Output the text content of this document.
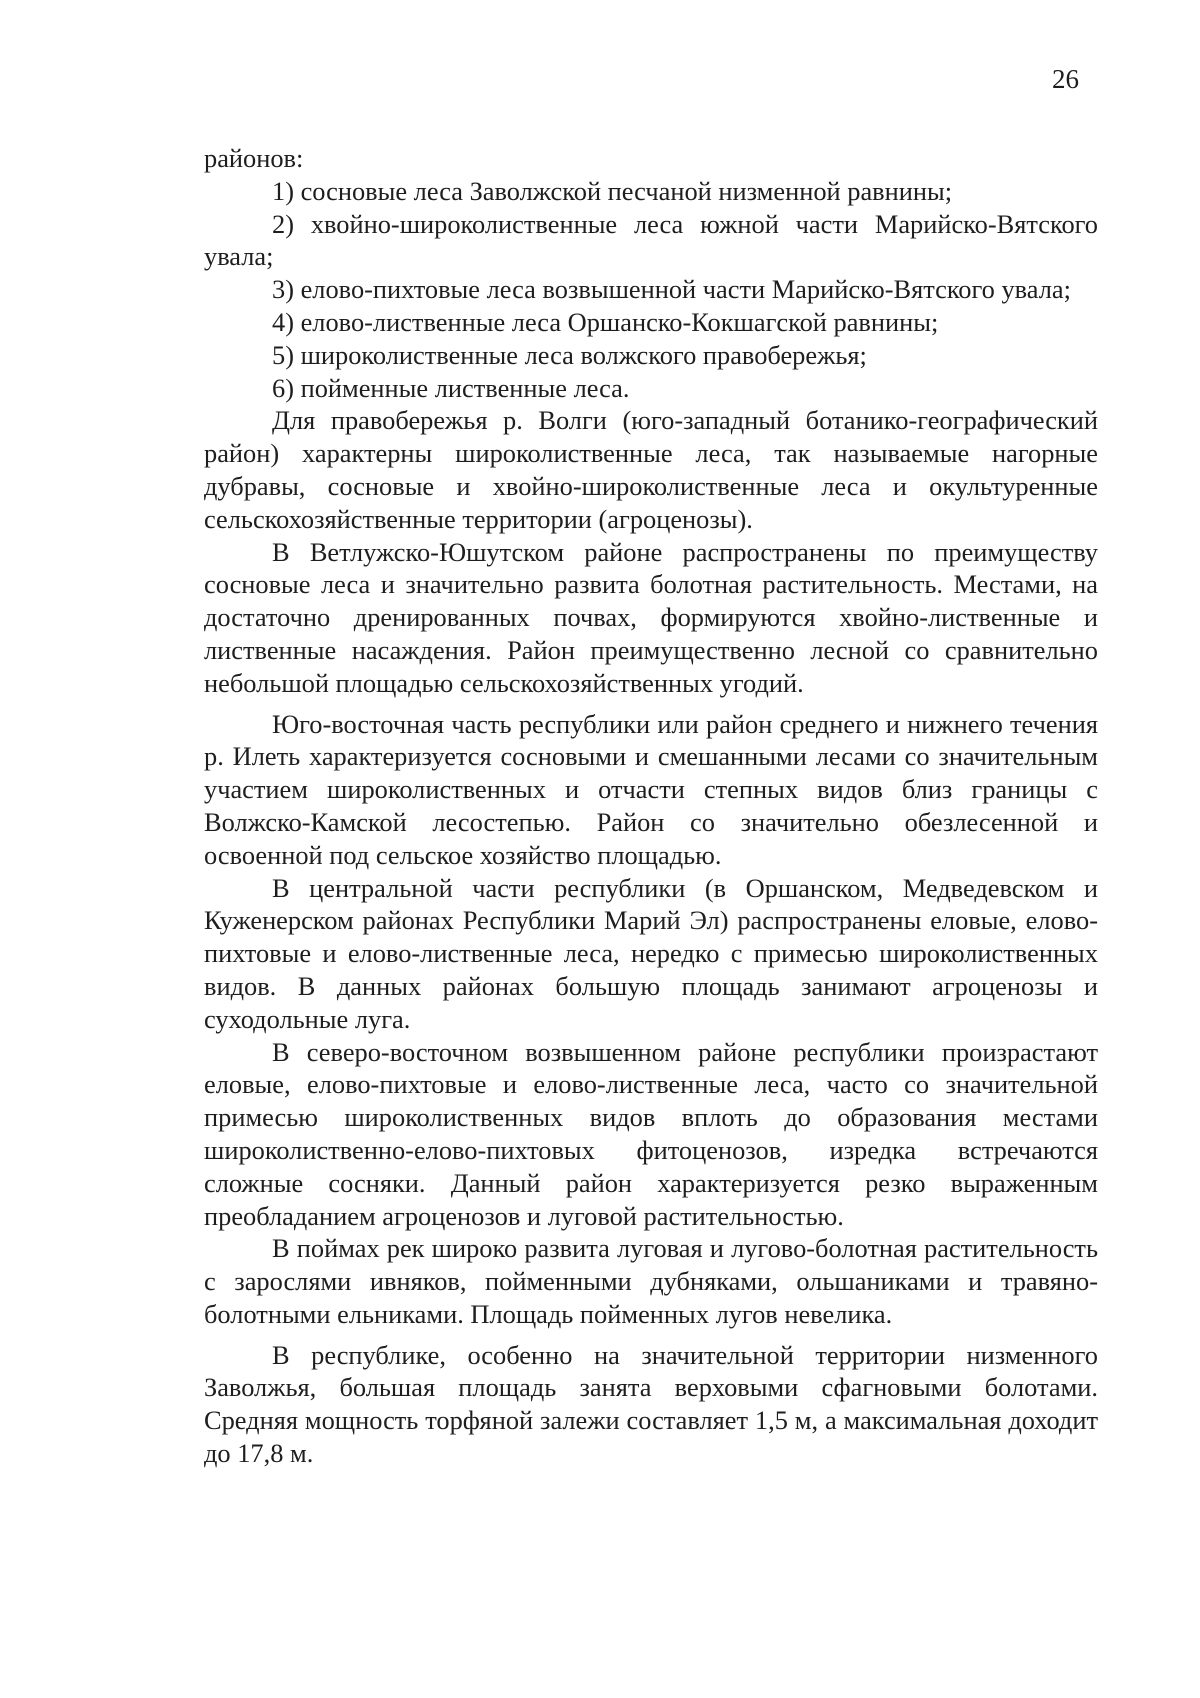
26

районов:

1) сосновые леса Заволжской песчаной низменной равнины;

2) хвойно-широколиственные леса южной части Марийско-Вятского увала;

3) елово-пихтовые леса возвышенной части Марийско-Вятского увала;

4) елово-лиственные леса Оршанско-Кокшагской равнины;

5) широколиственные леса волжского правобережья;

6) пойменные лиственные леса.

Для правобережья р. Волги (юго-западный ботанико-географический район) характерны широколиственные леса, так называемые нагорные дубравы, сосновые и хвойно-широколиственные леса и окультуренные сельскохозяйственные территории (агроценозы).

В Ветлужско-Юшутском районе распространены по преимуществу сосновые леса и значительно развита болотная растительность. Местами, на достаточно дренированных почвах, формируются хвойно-лиственные и лиственные насаждения. Район преимущественно лесной со сравнительно небольшой площадью сельскохозяйственных угодий.

Юго-восточная часть республики или район среднего и нижнего течения р. Илеть характеризуется сосновыми и смешанными лесами со значительным участием широколиственных и отчасти степных видов близ границы с Волжско-Камской лесостепью. Район со значительно обезлесенной и освоенной под сельское хозяйство площадью.

В центральной части республики (в Оршанском, Медведевском и Куженерском районах Республики Марий Эл) распространены еловые, елово-пихтовые и елово-лиственные леса, нередко с примесью широколиственных видов. В данных районах большую площадь занимают агроценозы и суходольные луга.

В северо-восточном возвышенном районе республики произрастают еловые, елово-пихтовые и елово-лиственные леса, часто со значительной примесью широколиственных видов вплоть до образования местами широколиственно-елово-пихтовых фитоценозов, изредка встречаются сложные сосняки. Данный район характеризуется резко выраженным преобладанием агроценозов и луговой растительностью.

В поймах рек широко развита луговая и лугово-болотная растительность с зарослями ивняков, пойменными дубняками, ольшаниками и травяно-болотными ельниками. Площадь пойменных лугов невелика.

В республике, особенно на значительной территории низменного Заволжья, большая площадь занята верховыми сфагновыми болотами. Средняя мощность торфяной залежи составляет 1,5 м, а максимальная доходит до 17,8 м.
